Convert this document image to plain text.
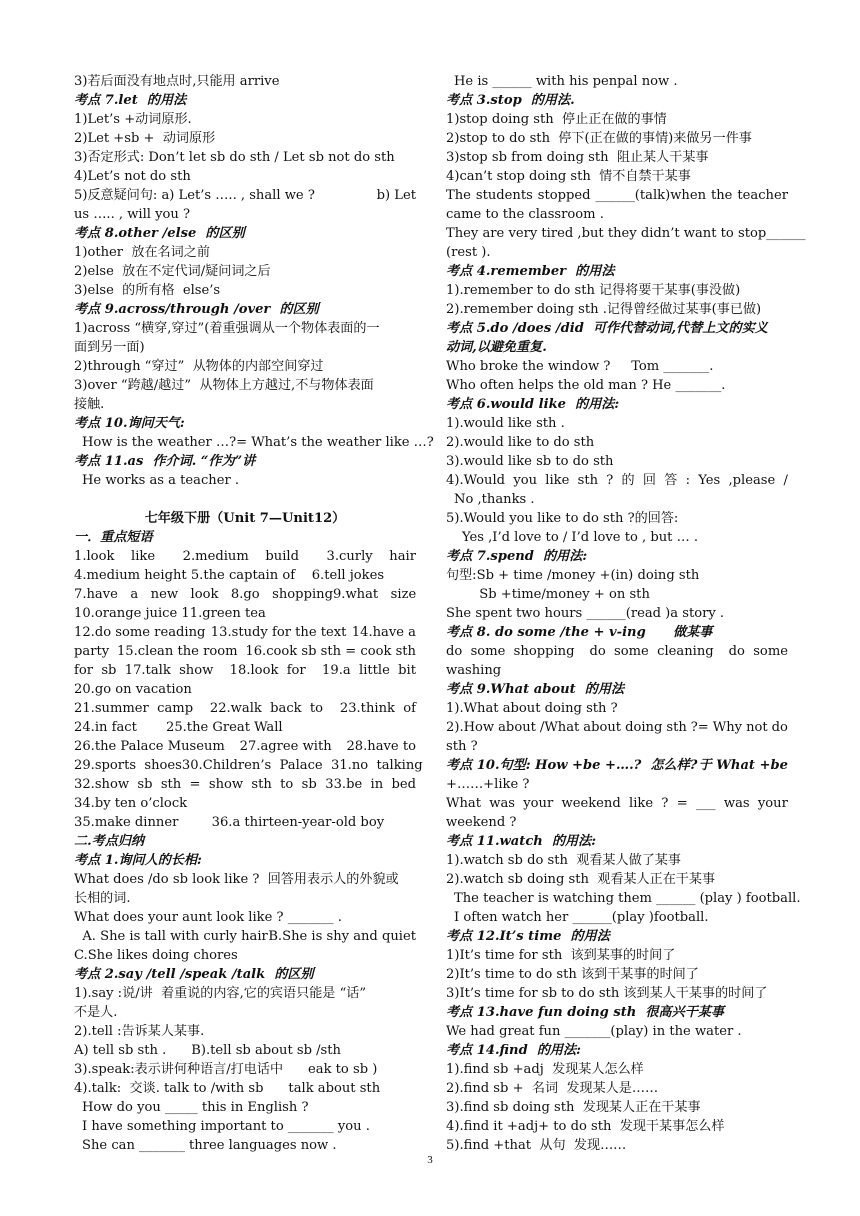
3)若后面没有地点时,只能用 arrive
考点 7.let  的用法
1)Let’s +动词原形.
2)Let +sb +  动词原形
3)否定形式: Don’t let sb do sth / Let sb not do sth
4)Let’s not do sth
5)反意疑问句: a) Let’s ….. , shall we ?	b) Let
us ….. , will you ?
考点 8.other /else  的区别
1)other  放在名词之前
2)else  放在不定代词/疑问词之后
3)else  的所有格  else’s
考点 9.across/through /over  的区别
1)across “横穿,穿过”(着重强调从一个物体表面的一
面到另一面)
2)through “穿过”  从物体的内部空间穿过
3)over “跨越/越过”  从物体上方越过,不与物体表面
接触.
考点 10.询问天气:
How is the weather …?= What’s the weather like …?
考点 11.as  作介词. “作为”讲
He works as a teacher .
七年级下册（Unit 7—Unit12）
一．重点短语
1.look    like 2.medium    build 3.curly    hair
4.medium height 5.the captain of    6.tell jokes
7.have   a   new   look   8.go   shopping 9.what   size
10.orange juice 11.green tea
12.do some reading 13.study for the text 14.have a
party 15.clean the room 16.cook sb sth = cook sth
for  sb  17.talk  show 18.look  for 19.a  little  bit
20.go on vacation
21.summer  camp 22.walk  back  to 23.think  of
24.in fact       25.the Great Wall
26.the Palace Museum 27.agree with 28.have to
29.sports  shoes 30.Children’s  Palace  31.no  talking
32.show  sb  sth  =  show  sth  to  sb 33.be  in  bed
34.by ten o’clock
35.make dinner        36.a thirteen-year-old boy
二.考点归纳
考点 1.询问人的长相:
What does /do sb look like ?  回答用表示人的外貌或
长相的词.
What does your aunt look like ? _______ .
A. She is tall with curly hair B.She is shy and quiet
C.She likes doing chores
考点 2.say /tell /speak /talk  的区别
1).say :说/讲  着重说的内容,它的宾语只能是 “话”
不是人.
2).tell :告诉某人某事.
A) tell sb sth .      B).tell sb about sb /sth
3).speak:表示讲何种语言/打电话中      eak to sb )
4).talk:  交谈. talk to /with sb      talk about sth
How do you _____ this in English ?
I have something important to _______ you .
She can _______ three languages now .
He is ______ with his penpal now .
考点 3.stop  的用法.
1)stop doing sth  停止正在做的事情
2)stop to do sth  停下(正在做的事情)来做另一件事
3)stop sb from doing sth  阻止某人干某事
4)can’t stop doing sth  情不自禁干某事
The students stopped ______(talk)when the teacher
came to the classroom .
They are very tired ,but they didn’t want to stop ______
(rest ).
考点 4.remember  的用法
1).remember to do sth 记得将要干某事(事没做)
2).remember doing sth .记得曾经做过某事(事已做)
考点 5.do /does /did  可作代替动词,代替上文的实义
动词,以避免重复.
Who broke the window ?     Tom _______.
Who often helps the old man ? He _______.
考点 6.would like  的用法:
1).would like sth .
2).would like to do sth
3).would like sb to do sth
4).Would you like sth ? 的 回 答 : Yes ,please /
No ,thanks .
5).Would you like to do sth ?的回答:
Yes ,I’d love to / I’d love to , but … .
考点 7.spend  的用法:
句型:Sb + time /money +(in) doing sth
Sb +time/money + on sth
She spent two hours ______(read )a story .
考点 8. do some /the + v-ing      做某事
do  some  shopping do  some  cleaning do  some
washing
考点 9.What about  的用法
1).What about doing sth ?
2).How about /What about doing sth ?= Why not do
sth ?
考点 10.句型: How +be +….?  怎么样? 于 What +be
+……+like ?
What was your weekend like ? = ___ was your
weekend ?
考点 11.watch  的用法:
1).watch sb do sth  观看某人做了某事
2).watch sb doing sth  观看某人正在干某事
The teacher is watching them ______ (play ) football.
I often watch her ______(play )football.
考点 12.It’s time  的用法
1)It’s time for sth  该到某事的时间了
2)It’s time to do sth 该到干某事的时间了
3)It’s time for sb to do sth 该到某人干某事的时间了
考点 13.have fun doing sth  很高兴干某事
We had great fun _______(play) in the water .
考点 14.find  的用法:
1).find sb +adj  发现某人怎么样
2).find sb +  名词  发现某人是……
3).find sb doing sth  发现某人正在干某事
4).find it +adj+ to do sth  发现干某事怎么样
5).find +that  从句  发现……
3
